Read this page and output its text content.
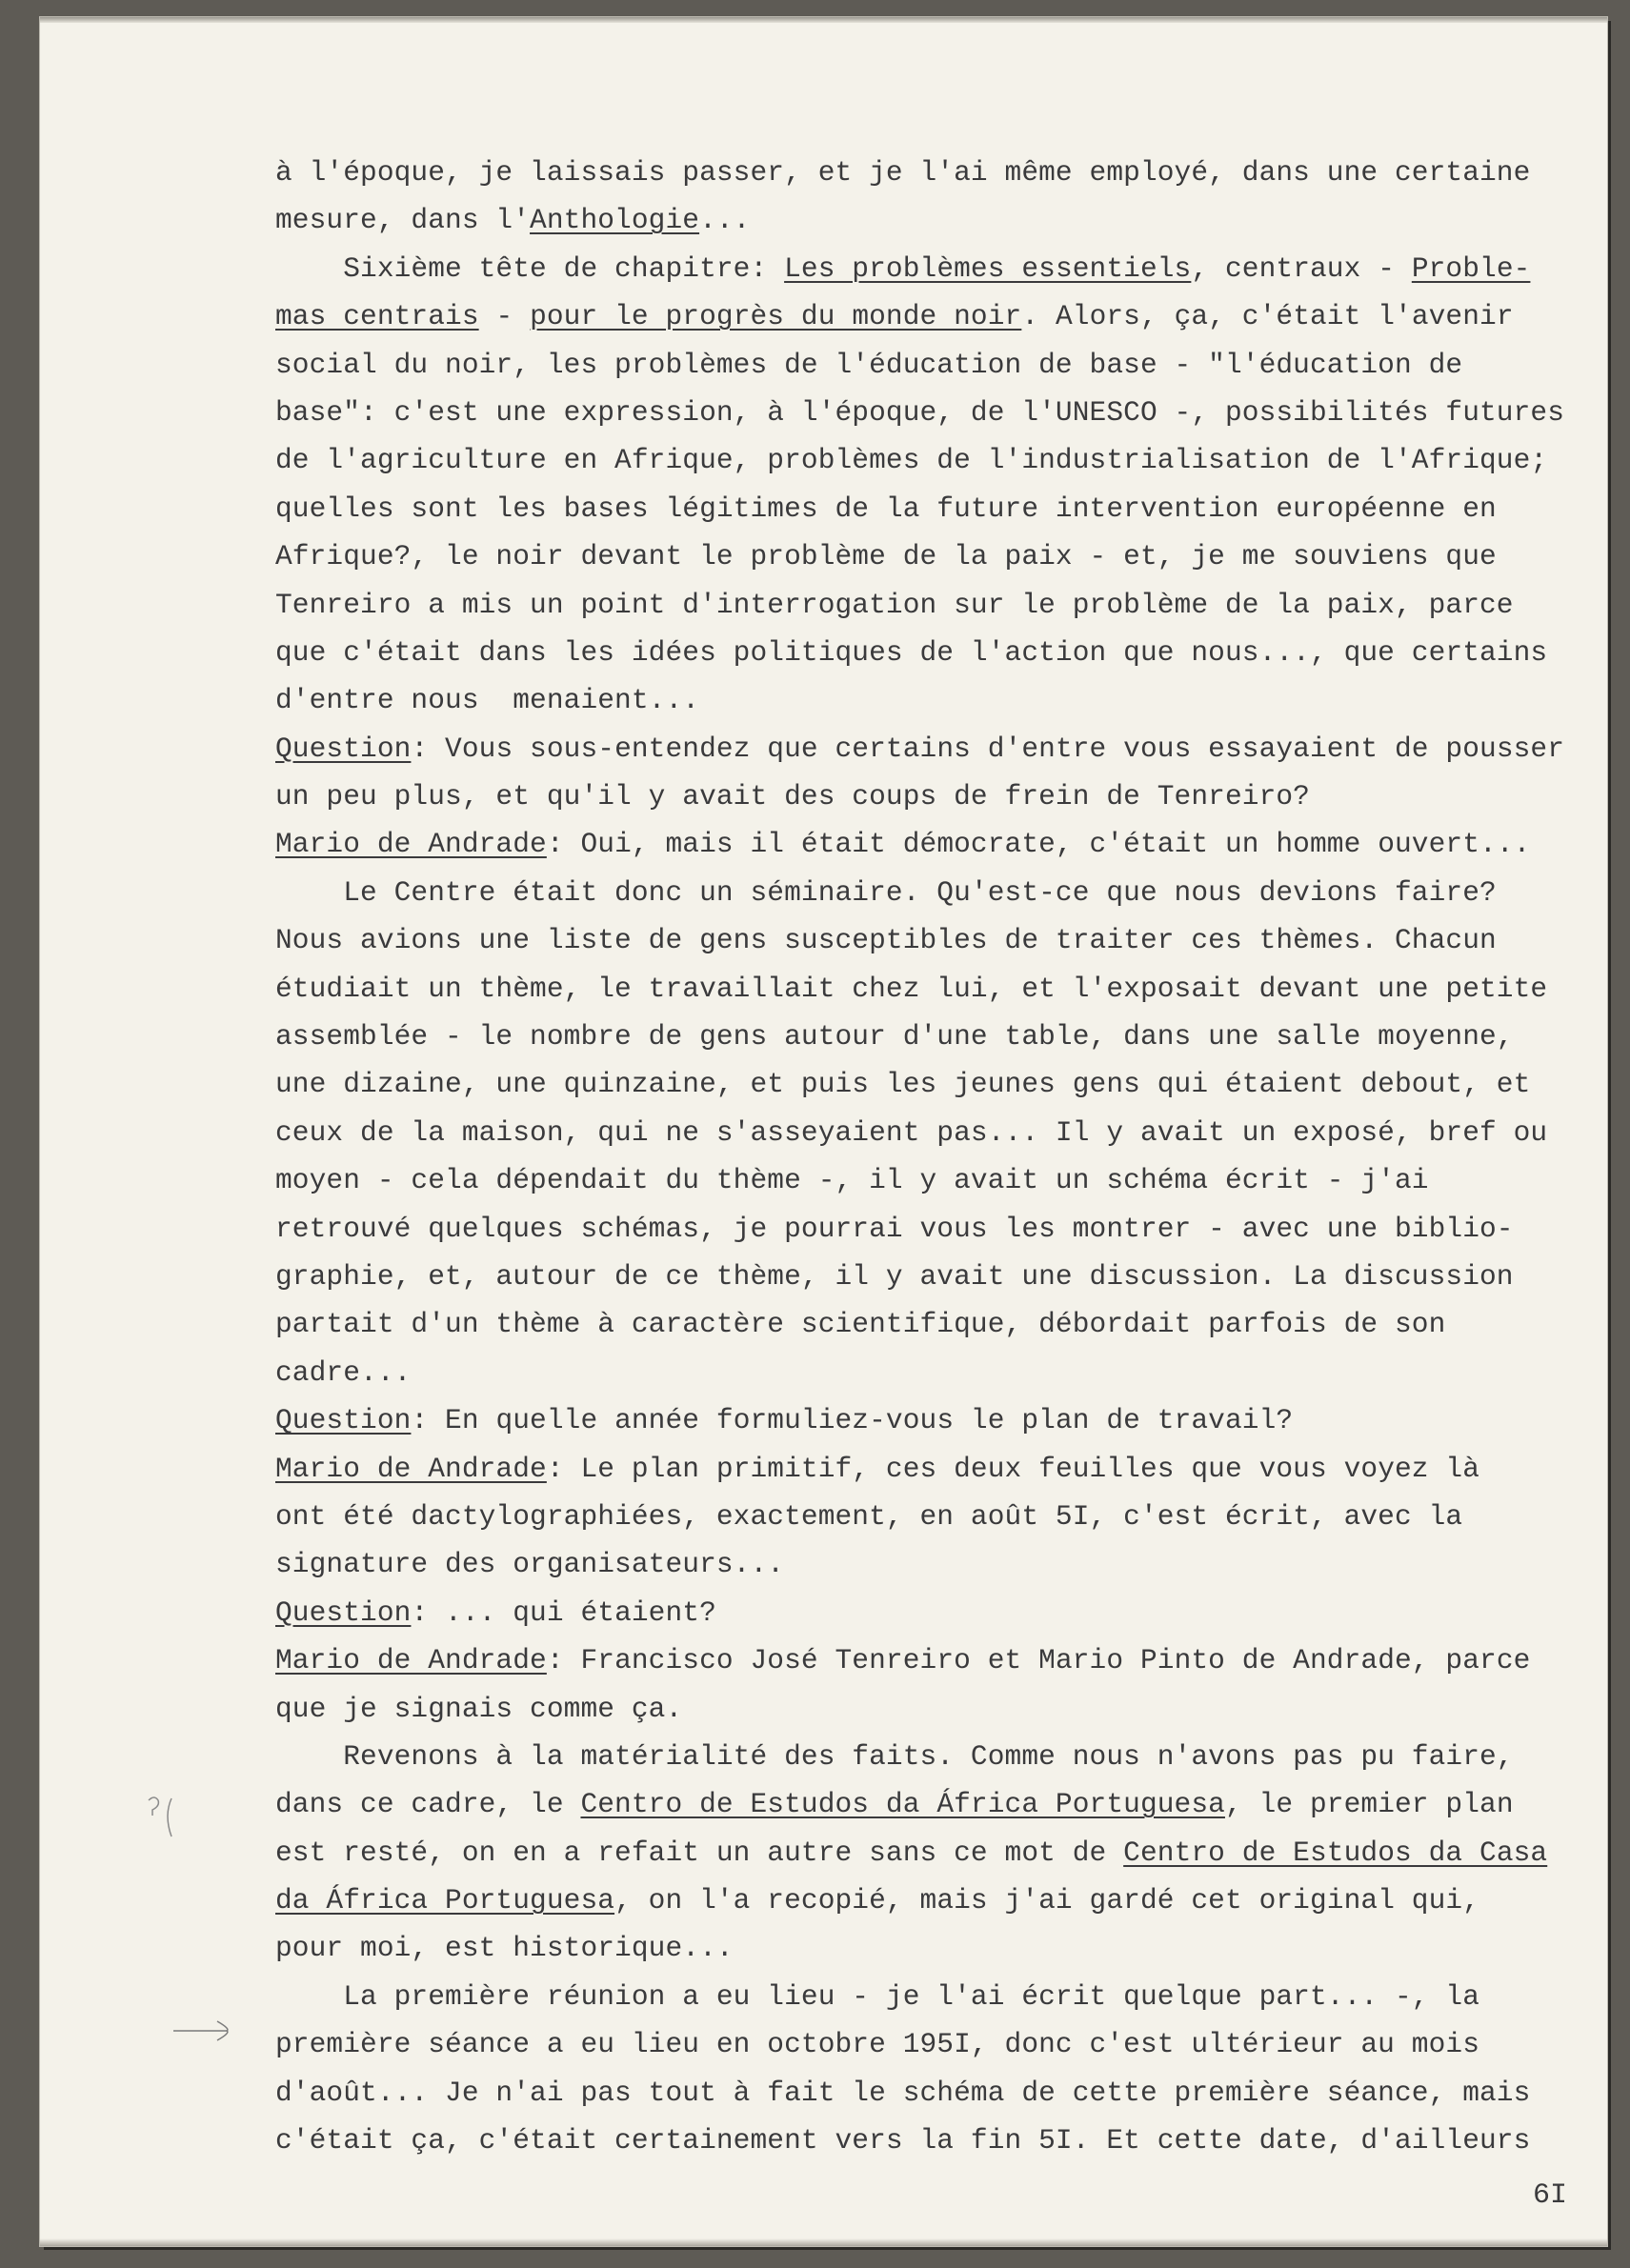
à l'époque, je laissais passer, et je l'ai même employé, dans une certaine
mesure, dans l'Anthologie...
Sixième tête de chapitre: Les problèmes essentiels, centraux - Proble-
mas centrais - pour le progrès du monde noir. Alors, ça, c'était l'avenir
social du noir, les problèmes de l'éducation de base - "l'éducation de
base": c'est une expression, à l'époque, de l'UNESCO -, possibilités futures
de l'agriculture en Afrique, problèmes de l'industrialisation de l'Afrique;
quelles sont les bases légitimes de la future intervention européenne en
Afrique?, le noir devant le problème de la paix - et, je me souviens que
Tenreiro a mis un point d'interrogation sur le problème de la paix, parce
que c'était dans les idées politiques de l'action que nous..., que certains
d'entre nous  menaient...
Question: Vous sous-entendez que certains d'entre vous essayaient de pousser
un peu plus, et qu'il y avait des coups de frein de Tenreiro?
Mario de Andrade: Oui, mais il était démocrate, c'était un homme ouvert...
Le Centre était donc un séminaire. Qu'est-ce que nous devions faire?
Nous avions une liste de gens susceptibles de traiter ces thèmes. Chacun
étudiait un thème, le travaillait chez lui, et l'exposait devant une petite
assemblée - le nombre de gens autour d'une table, dans une salle moyenne,
une dizaine, une quinzaine, et puis les jeunes gens qui étaient debout, et
ceux de la maison, qui ne s'asseyaient pas... Il y avait un exposé, bref ou
moyen - cela dépendait du thème -, il y avait un schéma écrit - j'ai
retrouvé quelques schémas, je pourrai vous les montrer - avec une biblio-
graphie, et, autour de ce thème, il y avait une discussion. La discussion
partait d'un thème à caractère scientifique, débordait parfois de son
cadre...
Question: En quelle année formuliez-vous le plan de travail?
Mario de Andrade: Le plan primitif, ces deux feuilles que vous voyez là
ont été dactylographiées, exactement, en août 5I, c'est écrit, avec la
signature des organisateurs...
Question: ... qui étaient?
Mario de Andrade: Francisco José Tenreiro et Mario Pinto de Andrade, parce
que je signais comme ça.
Revenons à la matérialité des faits. Comme nous n'avons pas pu faire,
dans ce cadre, le Centro de Estudos da África Portuguesa, le premier plan
est resté, on en a refait un autre sans ce mot de Centro de Estudos da Casa
da África Portuguesa, on l'a recopié, mais j'ai gardé cet original qui,
pour moi, est historique...
La première réunion a eu lieu - je l'ai écrit quelque part... -, la
première séance a eu lieu en octobre 195I, donc c'est ultérieur au mois
d'août... Je n'ai pas tout à fait le schéma de cette première séance, mais
c'était ça, c'était certainement vers la fin 5I. Et cette date, d'ailleurs
6I
